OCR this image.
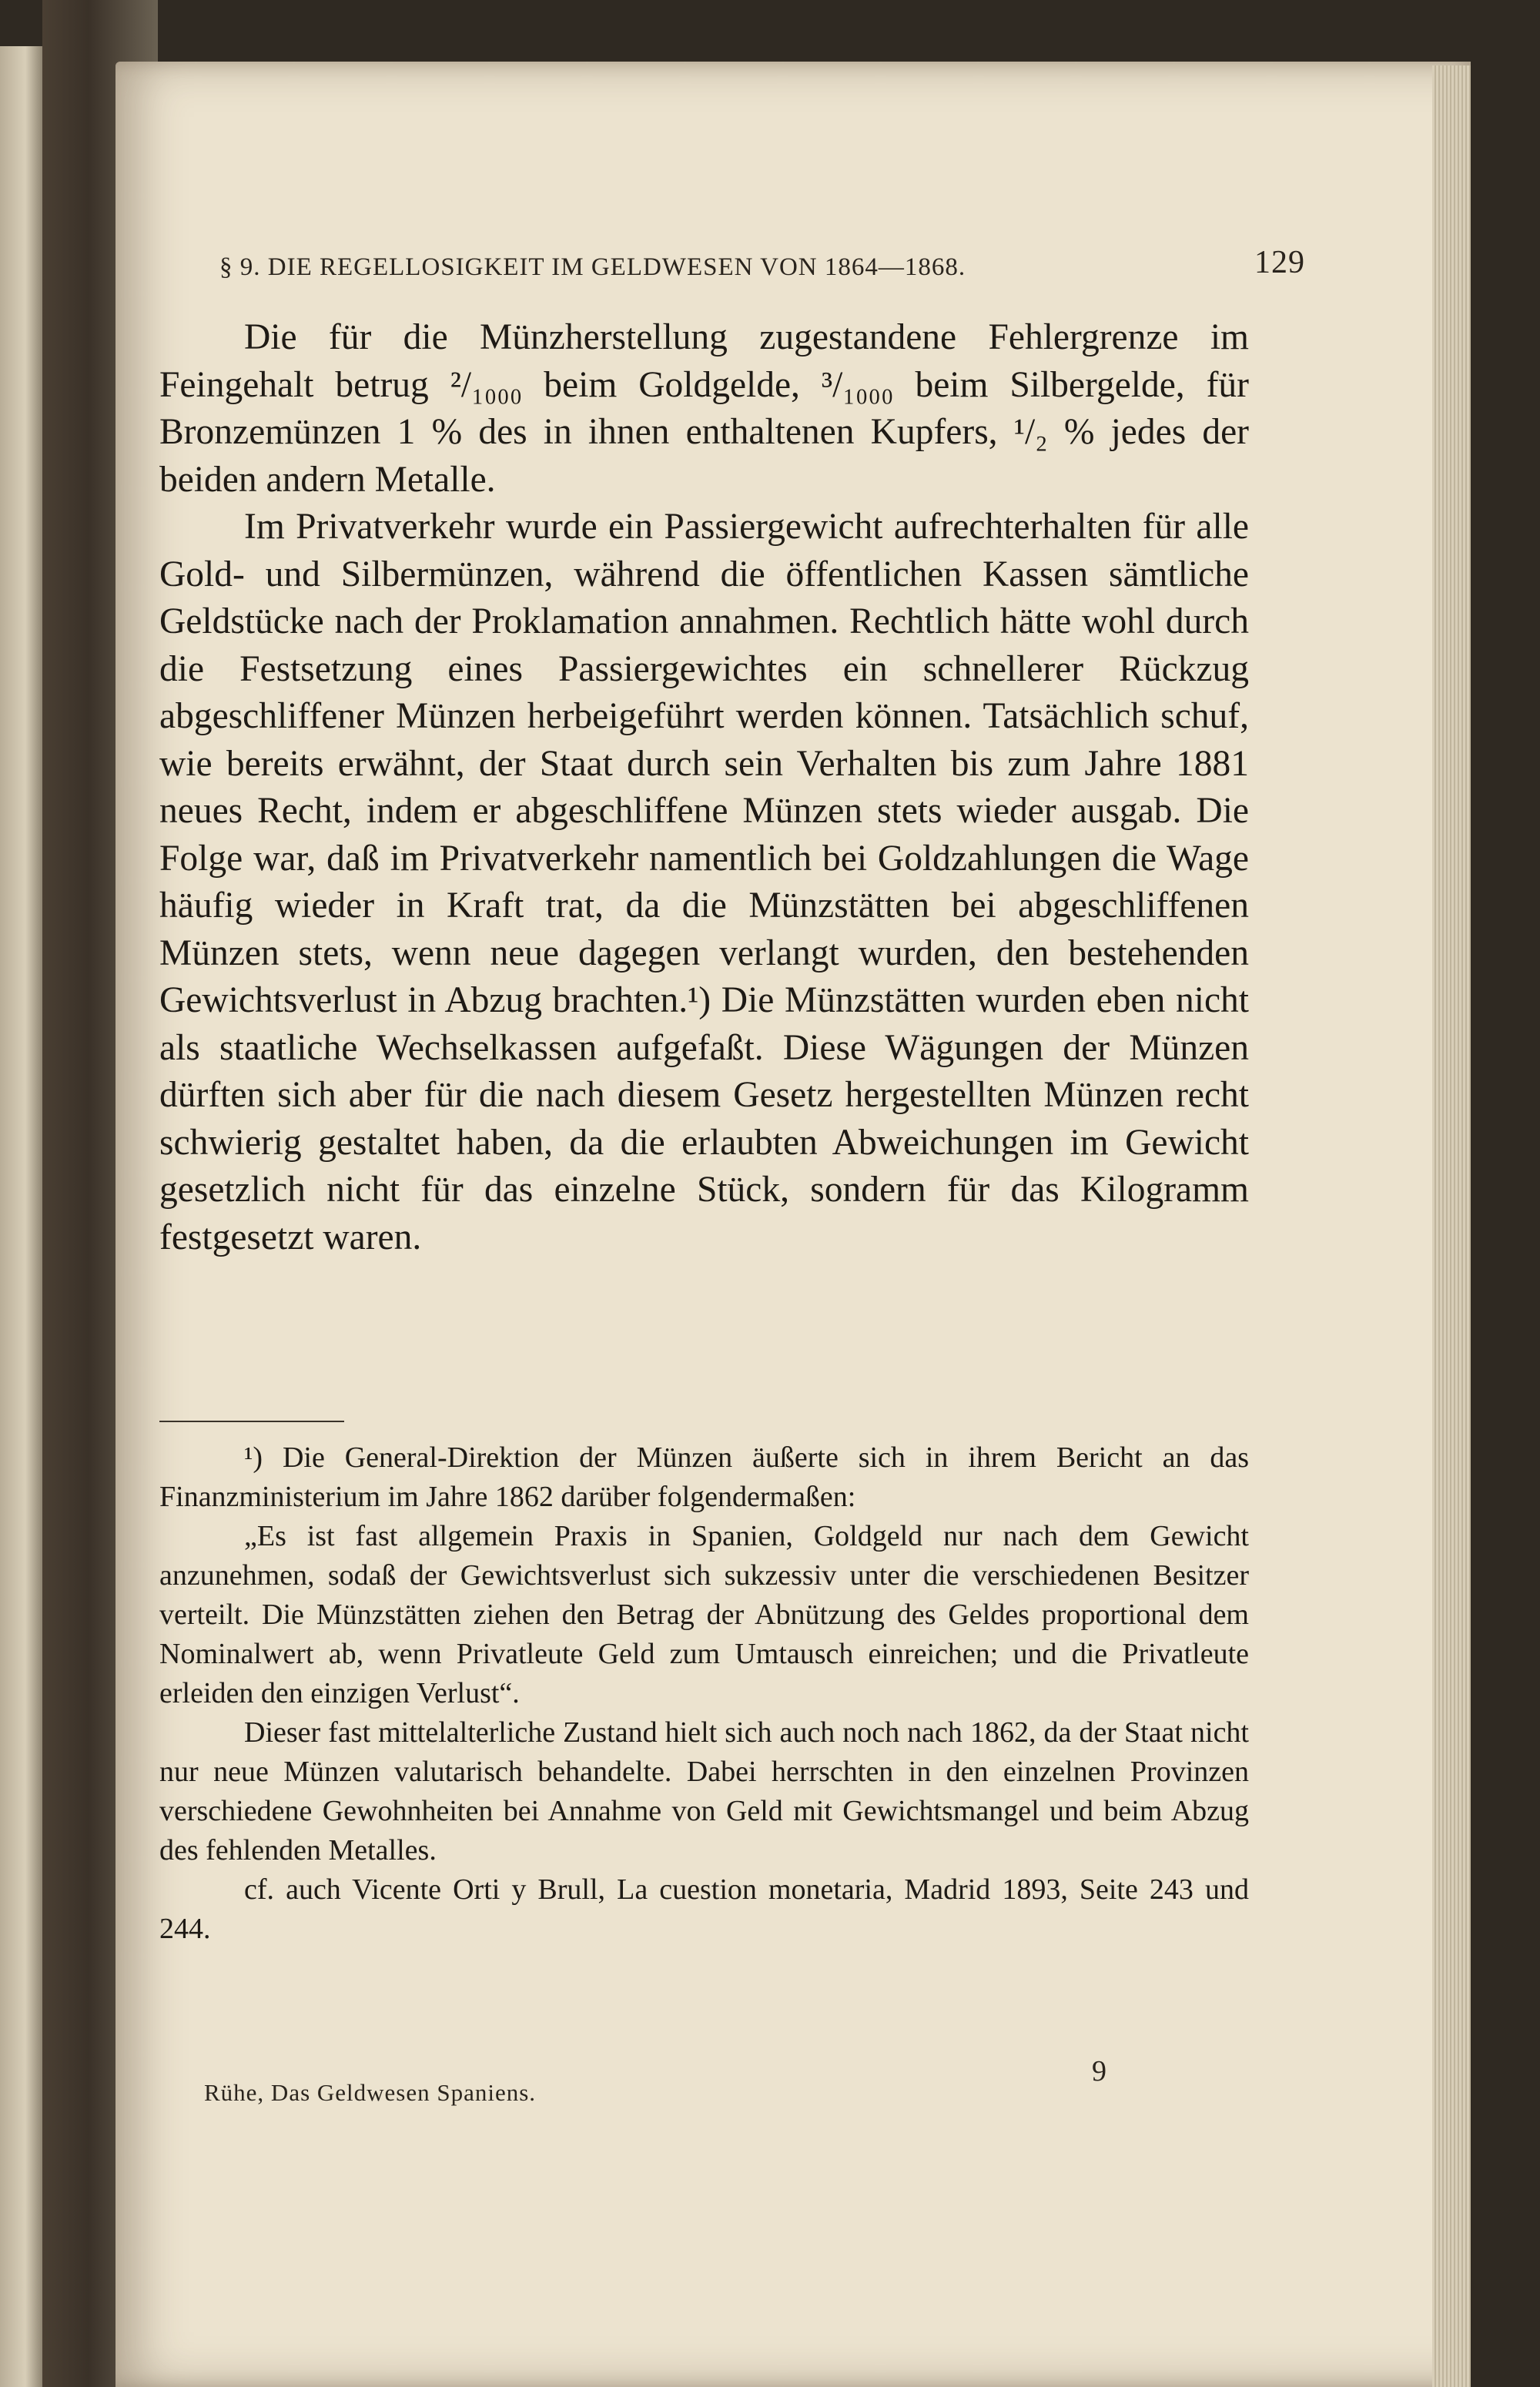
§ 9. DIE REGELLOSIGKEIT IM GELDWESEN VON 1864—1868.	129

Die für die Münzherstellung zugestandene Fehlergrenze im Feingehalt betrug ²/₁₀₀₀ beim Goldgelde, ³/₁₀₀₀ beim Silbergelde, für Bronzemünzen 1 % des in ihnen enthaltenen Kupfers, ¹/₂ % jedes der beiden andern Metalle.

Im Privatverkehr wurde ein Passiergewicht aufrechterhalten für alle Gold- und Silbermünzen, während die öffentlichen Kassen sämtliche Geldstücke nach der Proklamation annahmen. Rechtlich hätte wohl durch die Festsetzung eines Passiergewichtes ein schnellerer Rückzug abgeschliffener Münzen herbeigeführt werden können. Tatsächlich schuf, wie bereits erwähnt, der Staat durch sein Verhalten bis zum Jahre 1881 neues Recht, indem er abgeschliffene Münzen stets wieder ausgab. Die Folge war, daß im Privatverkehr namentlich bei Goldzahlungen die Wage häufig wieder in Kraft trat, da die Münzstätten bei abgeschliffenen Münzen stets, wenn neue dagegen verlangt wurden, den bestehenden Gewichtsverlust in Abzug brachten.¹) Die Münzstätten wurden eben nicht als staatliche Wechselkassen aufgefaßt. Diese Wägungen der Münzen dürften sich aber für die nach diesem Gesetz hergestellten Münzen recht schwierig gestaltet haben, da die erlaubten Abweichungen im Gewicht gesetzlich nicht für das einzelne Stück, sondern für das Kilogramm festgesetzt waren.

¹) Die General-Direktion der Münzen äußerte sich in ihrem Bericht an das Finanzministerium im Jahre 1862 darüber folgendermaßen:

„Es ist fast allgemein Praxis in Spanien, Goldgeld nur nach dem Gewicht anzunehmen, sodaß der Gewichtsverlust sich sukzessiv unter die verschiedenen Besitzer verteilt. Die Münzstätten ziehen den Betrag der Abnützung des Geldes proportional dem Nominalwert ab, wenn Privatleute Geld zum Umtausch einreichen; und die Privatleute erleiden den einzigen Verlust“.

Dieser fast mittelalterliche Zustand hielt sich auch noch nach 1862, da der Staat nicht nur neue Münzen valutarisch behandelte. Dabei herrschten in den einzelnen Provinzen verschiedene Gewohnheiten bei Annahme von Geld mit Gewichtsmangel und beim Abzug des fehlenden Metalles.

cf. auch Vicente Orti y Brull, La cuestion monetaria, Madrid 1893, Seite 243 und 244.

Rühe, Das Geldwesen Spaniens.
9
